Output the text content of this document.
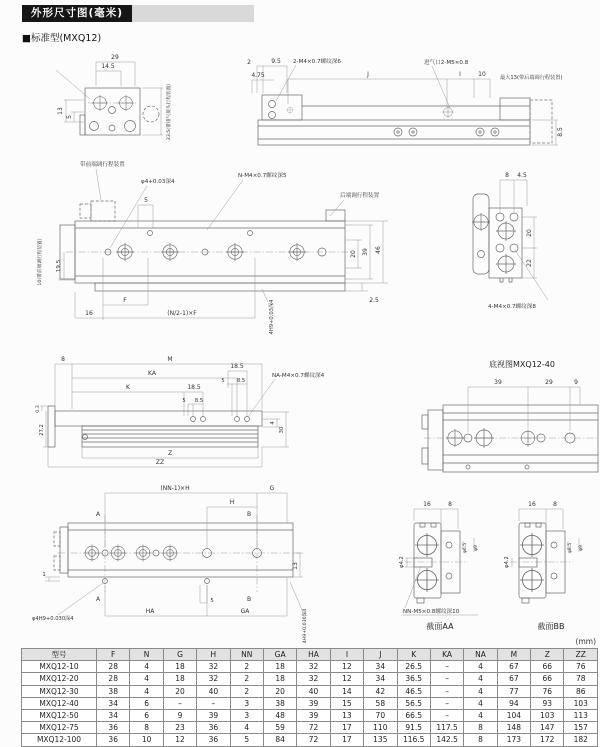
外形尺寸图(毫米)
■标准型(MXQ12)
29
14.5
13
5	23.5(带排气接头行程装置)
2	9.5
4.75
2-M4×0.7螺纹深6
J	I	10	最大13(带后端调行程装置)
进气口2-M5×0.8
8.5
带前端调行程装置
φ4+0.03深4
5
N-M4×0.7螺纹深5
后端调行程装置
20 39 46
2.5
10(带前端调行程装置) 19.5
F
16	(N/2-1)×F	4H9+0.03深4
8 4.5
20
22
4-M4×0.7螺纹深8
8	M
18.5
KA
5 8.5
K	18.5
5 8.5
NA-M4×0.7螺纹深4
0.3
27.2
4
30
Z
ZZ
底视图MXQ12-40
39	29	9
(NN-1)×H	G
H
A	B
A	B
13
1
5
HA	GA
φ4H9+0.030深4	4H9+0.030深4
16	8
φ4.2
φ6.5 φ9
NN-M5×0.8螺纹深10
截面AA
16	8
φ4.2
φ8.5 φ9
截面BB
(mm)
型号	F	N	G	H	NN	GA	HA	I	J	K	KA	NA	M	Z	ZZ
MXQ12-10	28	4	18	32	2	18	32	12	34	26.5	–	4	67	66	76
MXQ12-20	28	4	18	32	2	18	32	12	34	36.5	–	4	67	66	78
MXQ12-30	38	4	20	40	2	20	40	14	42	46.5	–	4	77	76	86
MXQ12-40	34	6	–	–	3	38	39	15	58	56.5	–	4	94	93	103
MXQ12-50	34	6	9	39	3	48	39	13	70	66.5	–	4	104	103	113
MXQ12-75	36	8	23	36	4	59	72	17	110	91.5	117.5	8	148	147	157
MXQ12-100	36	10	12	36	5	84	72	17	135	116.5	142.5	8	173	172	182
